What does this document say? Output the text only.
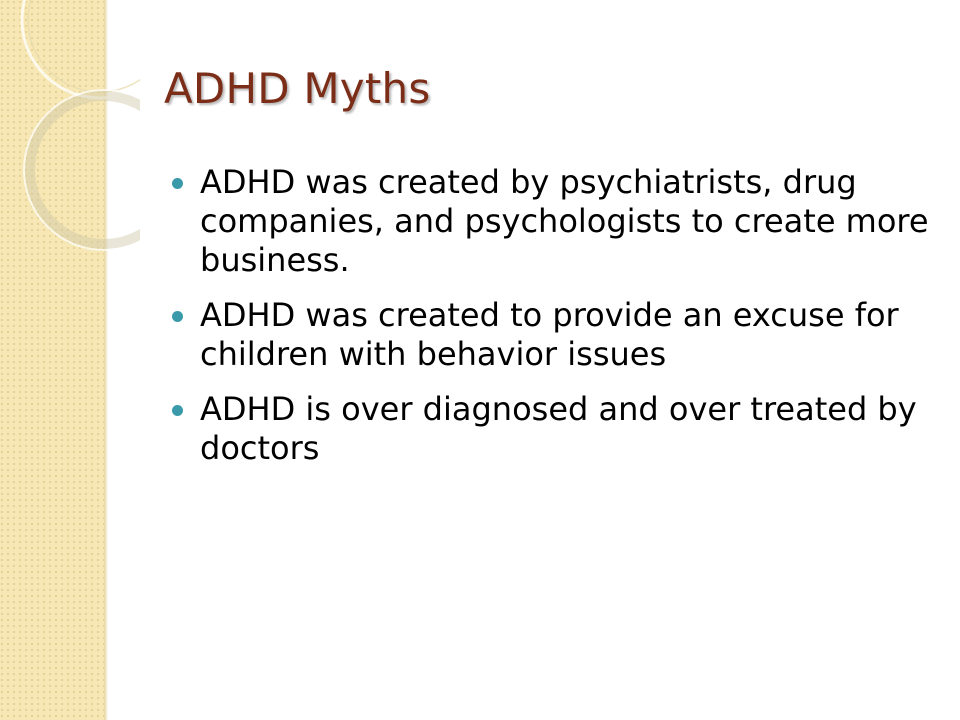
ADHD Myths
ADHD was created by psychiatrists, drug companies, and psychologists to create more business.
ADHD was created to provide an excuse for children with behavior issues
ADHD is over diagnosed and over treated by doctors
